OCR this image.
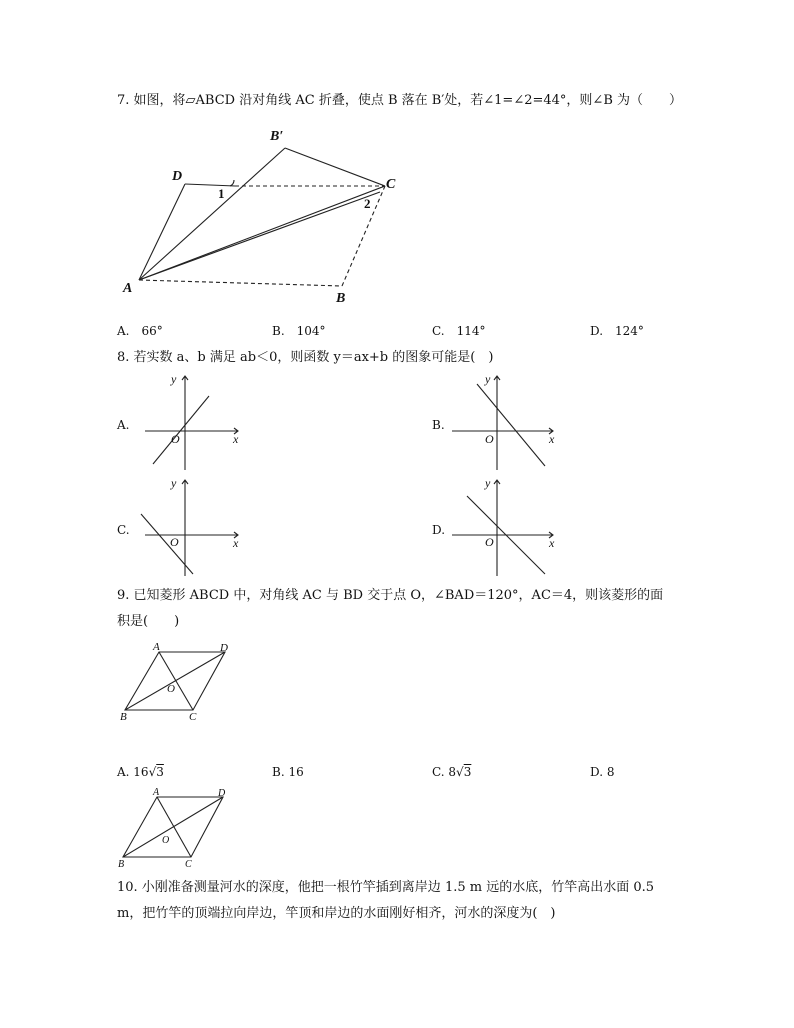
7. 如图，将▱ABCD 沿对角线 AC 折叠，使点 B 落在 B′处，若∠1=∠2=44°，则∠B 为（　　）
B′
D
C
A
B
1
2
A.　66°	B.　104°	C.　114°	D.　124°
8. 若实数 a、b 满足 ab＜0，则函数 y＝ax+b 的图象可能是(　)
A.
y
x
O
B.
y
x
O
C.
y
x
O
D.
y
x
O
9. 已知菱形 ABCD 中，对角线 AC 与 BD 交于点 O，∠BAD＝120°，AC＝4，则该菱形的面
积是(　　)
A	D
O
B	C
A. 16√3	B. 16	C. 8√3	D. 8
A	D
O
B	C
10. 小刚准备测量河水的深度，他把一根竹竿插到离岸边 1.5 m 远的水底，竹竿高出水面 0.5
m，把竹竿的顶端拉向岸边，竿顶和岸边的水面刚好相齐，河水的深度为(　)
